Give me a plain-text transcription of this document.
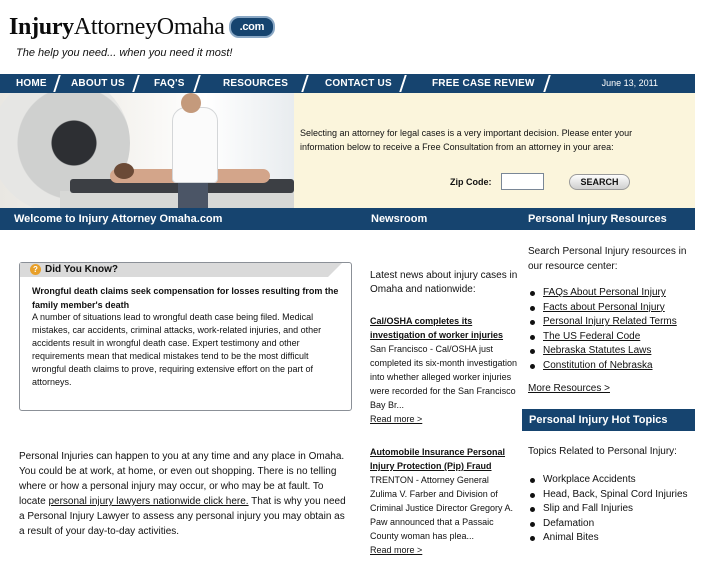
InjuryAttorneyOmaha .com
The help you need... when you need it most!
HOME ABOUT US	FAQ'S	RESOURCES	CONTACT US	FREE CASE REVIEW	June 13, 2011
Selecting an attorney for legal cases is a very important decision. Please enter your information below to receive a Free Consultation from an attorney in your area:
Zip Code:	SEARCH
Welcome to Injury Attorney Omaha.com	Newsroom	Personal Injury Resources
? Did You Know?
Wrongful death claims seek compensation for losses resulting from the family member's death
A number of situations lead to wrongful death case being filed. Medical mistakes, car accidents, criminal attacks, work-related injuries, and other accidents result in wrongful death case. Expert testimony and other requirements mean that medical mistakes tend to be the most difficult wrongful death claims to prove, requiring extensive effort on the part of attorneys.
Personal Injuries can happen to you at any time and any place in Omaha. You could be at work, at home, or even out shopping. There is no telling where or how a personal injury may occur, or who may be at fault. To locate personal injury lawyers nationwide click here. That is why you need a Personal Injury Lawyer to assess any personal injury you may obtain as a result of your day-to-day activities.

Latest news about injury cases in Omaha and nationwide:

Cal/OSHA completes its investigation of worker injuries

San Francisco - Cal/OSHA just completed its six-month investigation into whether alleged worker injuries were recorded for the San Francisco Bay Br...

Read more >
Automobile Insurance Personal Injury Protection (Pip) Fraud

TRENTON - Attorney General Zulima V. Farber and Division of Criminal Justice Director Gregory A. Paw announced that a Passaic County woman has plea...

Read more >

Search Personal Injury resources in our resource center:

FAQs About Personal Injury
Facts about Personal Injury
Personal Injury Related Terms
The US Federal Code
Nebraska Statutes Laws
Constitution of Nebraska
More Resources >
Personal Injury Hot Topics

Topics Related to Personal Injury:

Workplace Accidents
Head, Back, Spinal Cord Injuries
Slip and Fall Injuries
Defamation
Animal Bites
